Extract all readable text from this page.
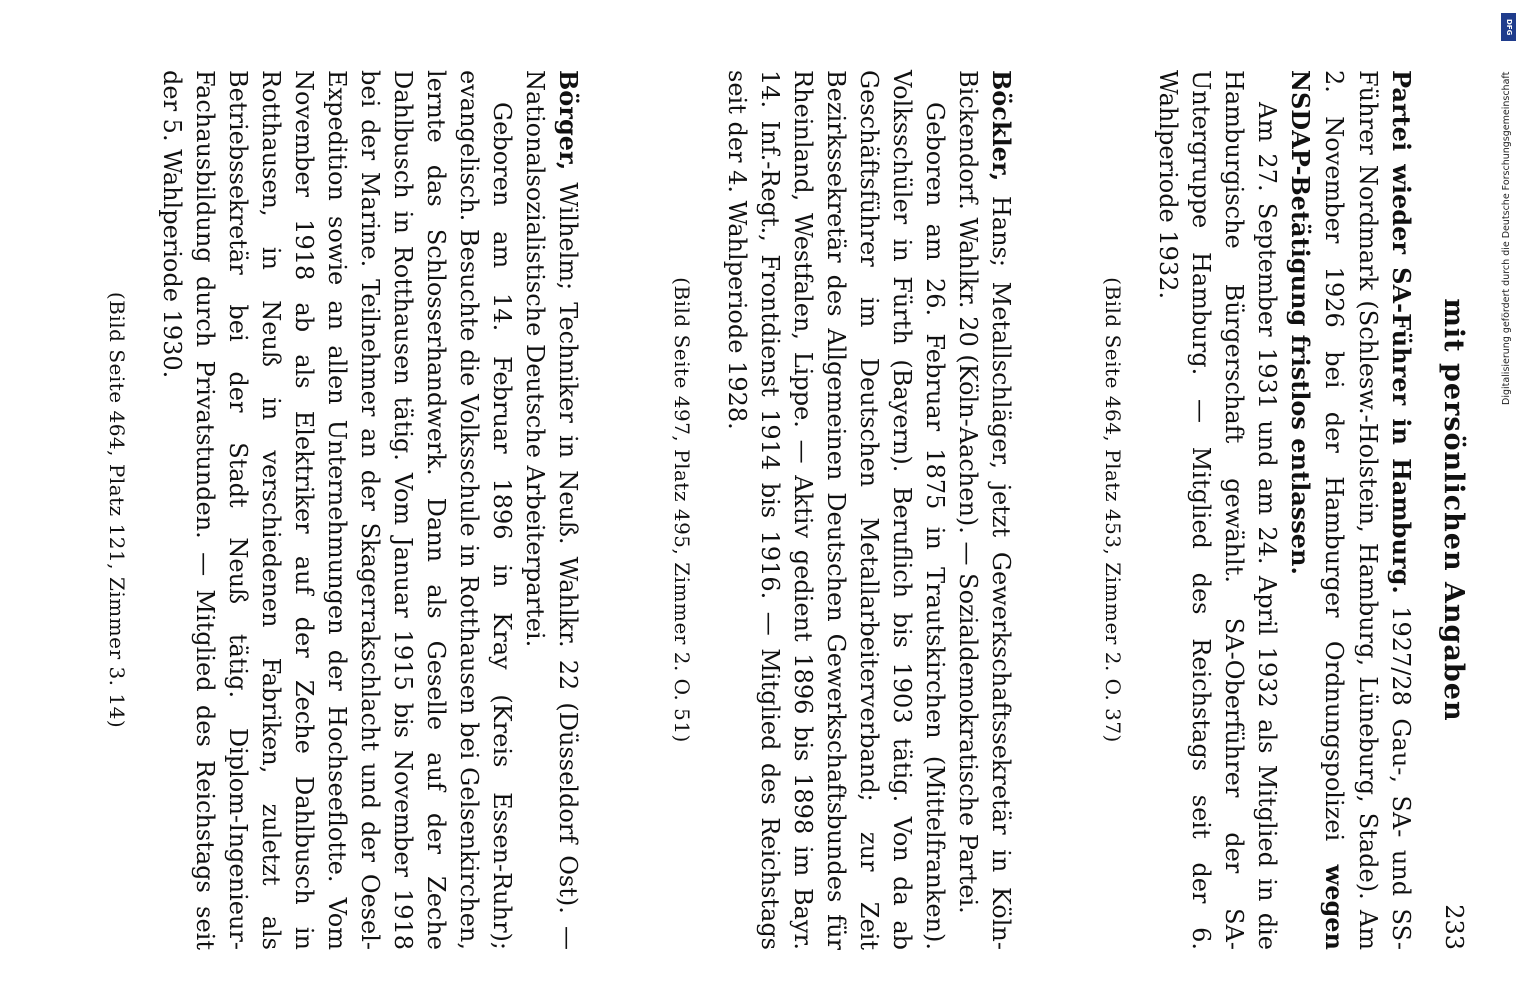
mit persönlichen Angaben
233

Partei wieder SA-Führer in Hamburg. 1927/28 Gau-, SA- und SS-Führer Nordmark (Schlesw.-Holstein, Hamburg, Lüneburg, Stade). Am 2. November 1926 bei der Hamburger Ordnungspolizei wegen NSDAP-Betätigung fristlos entlassen.

Am 27. September 1931 und am 24. April 1932 als Mitglied in die Hamburgische Bürgerschaft gewählt. SA-Oberführer der SA-Untergruppe Hamburg. — Mitglied des Reichstags seit der 6. Wahlperiode 1932.

(Bild Seite 464, Platz 453, Zimmer 2. O. 37)

Böckler, Hans; Metallschläger, jetzt Gewerkschaftssekretär in Köln-Bickendorf. Wahlkr. 20 (Köln-Aachen). — Sozialdemokratische Partei.

Geboren am 26. Februar 1875 in Trautskirchen (Mittelfranken). Volksschüler in Fürth (Bayern). Beruflich bis 1903 tätig. Von da ab Geschäftsführer im Deutschen Metallarbeiterverband; zur Zeit Bezirkssekretär des Allgemeinen Deutschen Gewerkschaftsbundes für Rheinland, Westfalen, Lippe. — Aktiv gedient 1896 bis 1898 im Bayr. 14. Inf.-Regt., Frontdienst 1914 bis 1916. — Mitglied des Reichstags seit der 4. Wahlperiode 1928.

(Bild Seite 497, Platz 495, Zimmer 2. O. 51)

Börger, Wilhelm; Techniker in Neuß. Wahlkr. 22 (Düsseldorf Ost). — Nationalsozialistische Deutsche Arbeiterpartei.

Geboren am 14. Februar 1896 in Kray (Kreis Essen-Ruhr); evangelisch. Besuchte die Volksschule in Rotthausen bei Gelsenkirchen, lernte das Schlosserhandwerk. Dann als Geselle auf der Zeche Dahlbusch in Rotthausen tätig. Vom Januar 1915 bis November 1918 bei der Marine. Teilnehmer an der Skagerrakschlacht und der Oesel-Expedition sowie an allen Unternehmungen der Hochseeflotte. Vom November 1918 ab als Elektriker auf der Zeche Dahlbusch in Rotthausen, in Neuß in verschiedenen Fabriken, zuletzt als Betriebssekretär bei der Stadt Neuß tätig. Diplom-Ingenieur-Fachausbildung durch Privatstunden. — Mitglied des Reichstags seit der 5. Wahlperiode 1930.

(Bild Seite 464, Platz 121, Zimmer 3. 14)
DFG
Digitalisierung gefördert durch die Deutsche Forschungsgemeinschaft
